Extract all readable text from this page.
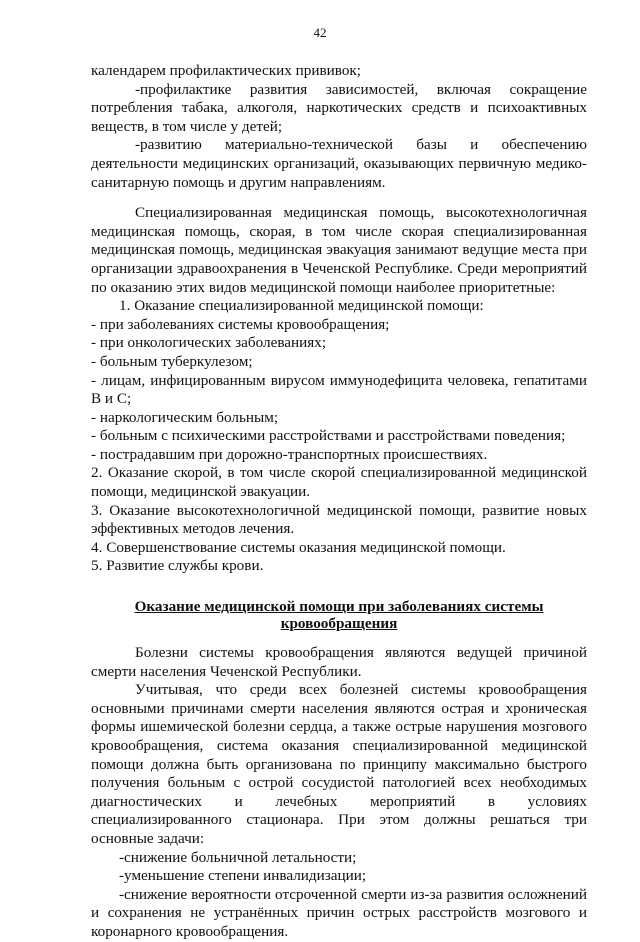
42

календарем профилактических прививок;

-профилактике развития зависимостей, включая сокращение потребления табака, алкоголя, наркотических средств и психоактивных веществ, в том числе у детей;

-развитию материально-технической базы и обеспечению деятельности медицинских организаций, оказывающих первичную медико-санитарную помощь и другим направлениям.

Специализированная медицинская помощь, высокотехнологичная медицинская помощь, скорая, в том числе скорая специализированная медицинская помощь, медицинская эвакуация занимают ведущие места при организации здравоохранения в Чеченской Республике. Среди мероприятий по оказанию этих видов медицинской помощи наиболее приоритетные:

1. Оказание специализированной медицинской помощи:

- при заболеваниях системы кровообращения;

- при онкологических заболеваниях;

- больным туберкулезом;

- лицам, инфицированным вирусом иммунодефицита человека, гепатитами В и С;

- наркологическим больным;

- больным с психическими расстройствами и расстройствами поведения;

- пострадавшим при дорожно-транспортных происшествиях.

2. Оказание скорой, в том числе скорой специализированной медицинской помощи, медицинской эвакуации.

3. Оказание высокотехнологичной медицинской помощи, развитие новых эффективных методов лечения.

4. Совершенствование системы оказания медицинской помощи.

5. Развитие службы крови.

Оказание медицинской помощи при заболеваниях системы кровообращения

Болезни системы кровообращения являются ведущей причиной смерти населения Чеченской Республики.

Учитывая, что среди всех болезней системы кровообращения основными причинами смерти населения являются острая и хроническая формы ишемической болезни сердца, а также острые нарушения мозгового кровообращения, система оказания специализированной медицинской помощи должна быть организована по принципу максимально быстрого получения больным с острой сосудистой патологией всех необходимых диагностических и лечебных мероприятий в условиях специализированного стационара. При этом должны решаться три основные задачи:

-снижение больничной летальности;

-уменьшение степени инвалидизации;

-снижение вероятности отсроченной смерти из-за развития осложнений и сохранения не устранённых причин острых расстройств мозгового и коронарного кровообращения.
